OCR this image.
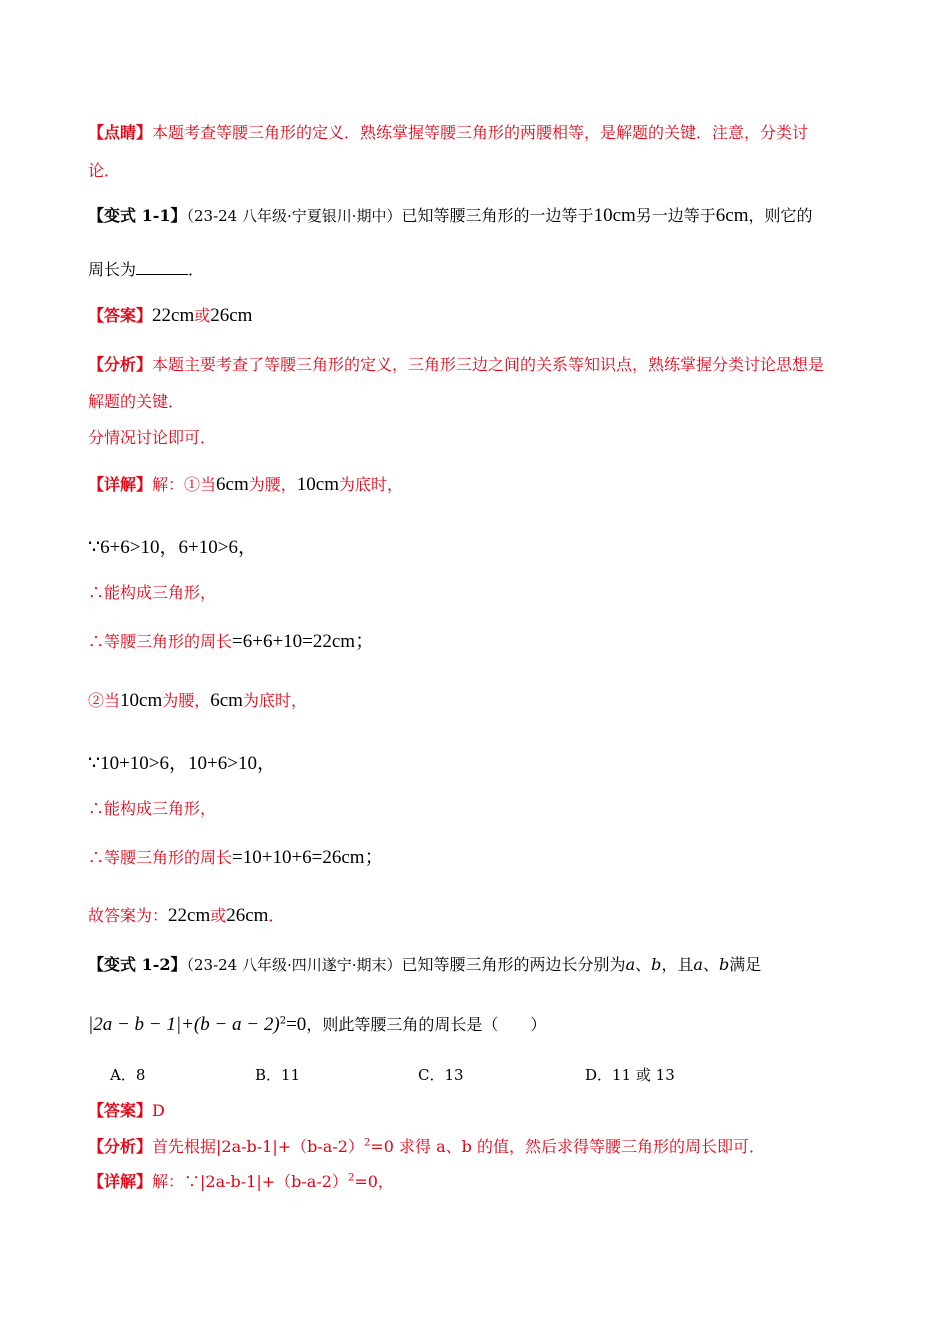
【点睛】本题考查等腰三角形的定义．熟练掌握等腰三角形的两腰相等，是解题的关键．注意，分类讨
论．
【变式 1-1】（23-24 八年级·宁夏银川·期中）已知等腰三角形的一边等于10cm另一边等于6cm，则它的
周长为	．
【答案】22cm或26cm
【分析】本题主要考查了等腰三角形的定义，三角形三边之间的关系等知识点，熟练掌握分类讨论思想是
解题的关键．
分情况讨论即可．
【详解】解：①当6cm为腰，10cm为底时，
∵6+6>10，6+10>6，
∴能构成三角形，
∴等腰三角形的周长=6+6+10=22cm；
②当10cm为腰，6cm为底时，
∵10+10>6，10+6>10，
∴能构成三角形，
∴等腰三角形的周长=10+10+6=26cm；
故答案为：22cm或26cm．
【变式 1-2】（23-24 八年级·四川遂宁·期末）已知等腰三角形的两边长分别为a、b，且a、b满足
$|2a - b - 1|+(b - a - 2)^2=0$，则此等腰三角的周长是（　　）
A．8	B．11	C．13	D．11 或 13
【答案】D
【分析】首先根据$|2a-b-1|+(b-a-2)^2=0$ 求得 a、b 的值，然后求得等腰三角形的周长即可．
【详解】解：$\because|2a-b-1|+(b-a-2)^2=0$，
